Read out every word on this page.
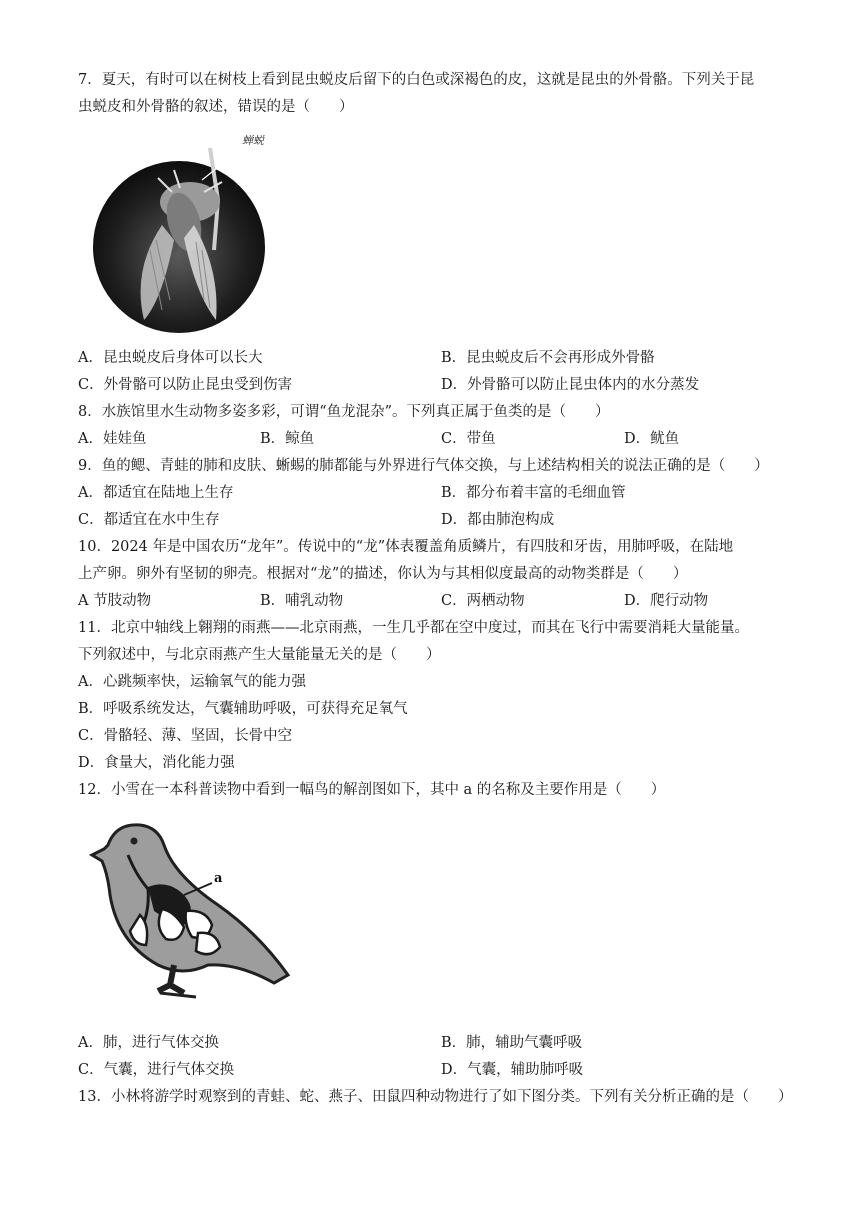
7．夏天，有时可以在树枝上看到昆虫蜕皮后留下的白色或深褐色的皮，这就是昆虫的外骨骼。下列关于昆
虫蜕皮和外骨骼的叙述，错误的是（　　）
蝉蜕
A．昆虫蜕皮后身体可以长大	B．昆虫蜕皮后不会再形成外骨骼
C．外骨骼可以防止昆虫受到伤害	D．外骨骼可以防止昆虫体内的水分蒸发
8．水族馆里水生动物多姿多彩，可谓“鱼龙混杂”。下列真正属于鱼类的是（　　）
A．娃娃鱼	B．鲸鱼	C．带鱼	D．鱿鱼
9．鱼的鳃、青蛙的肺和皮肤、蜥蜴的肺都能与外界进行气体交换，与上述结构相关的说法正确的是（　　）
A．都适宜在陆地上生存	B．都分布着丰富的毛细血管
C．都适宜在水中生存	D．都由肺泡构成
10．2024 年是中国农历“龙年”。传说中的“龙”体表覆盖角质鳞片，有四肢和牙齿，用肺呼吸，在陆地
上产卵。卵外有坚韧的卵壳。根据对“龙”的描述，你认为与其相似度最高的动物类群是（　　）
A 节肢动物	B．哺乳动物	C．两栖动物	D．爬行动物
11．北京中轴线上翱翔的雨燕——北京雨燕，一生几乎都在空中度过，而其在飞行中需要消耗大量能量。
下列叙述中，与北京雨燕产生大量能量无关的是（　　）
A．心跳频率快，运输氧气的能力强
B．呼吸系统发达，气囊辅助呼吸，可获得充足氧气
C．骨骼轻、薄、坚固，长骨中空
D．食量大，消化能力强
12．小雪在一本科普读物中看到一幅鸟的解剖图如下，其中 a 的名称及主要作用是（　　）
a
A．肺，进行气体交换	B．肺，辅助气囊呼吸
C．气囊，进行气体交换	D．气囊，辅助肺呼吸
13．小林将游学时观察到的青蛙、蛇、燕子、田鼠四种动物进行了如下图分类。下列有关分析正确的是（　　）
